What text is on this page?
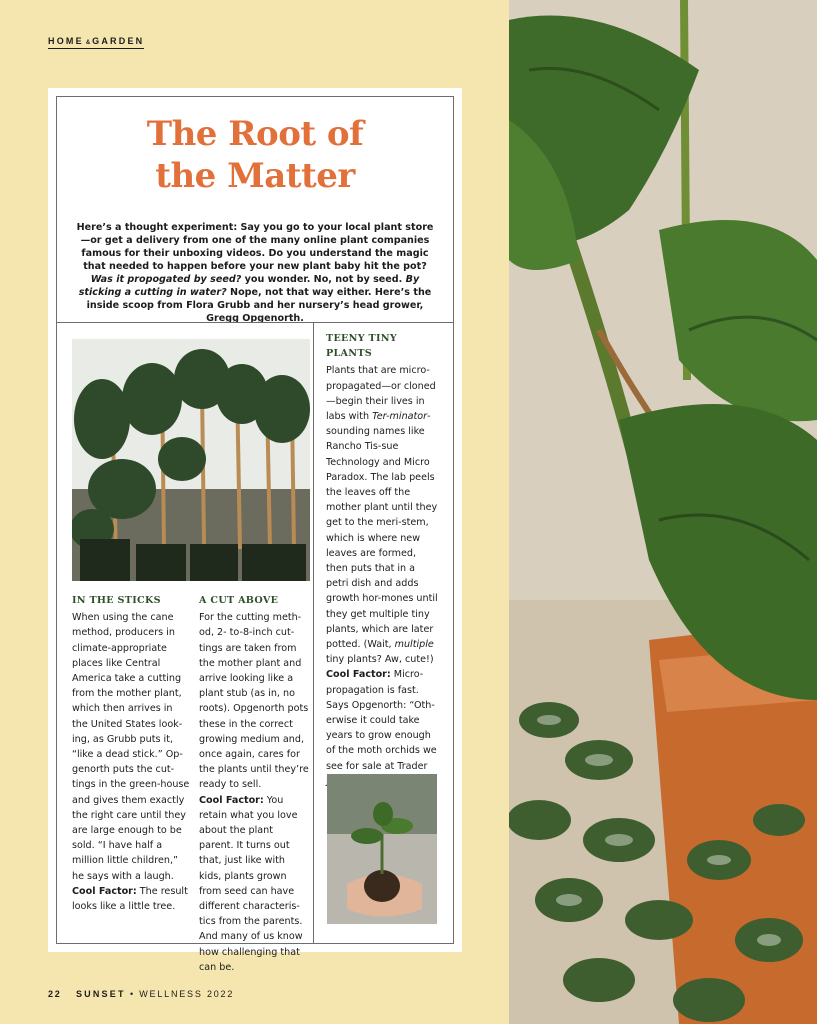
HOME & GARDEN
The Root of
the Matter

Here’s a thought experiment: Say you go to your local plant store—or get a delivery from one of the many online plant companies famous for their unboxing videos. Do you understand the magic that needed to happen before your new plant baby hit the pot? Was it propogated by seed? you wonder. No, not by seed. By sticking a cutting in water? Nope, not that way either. Here’s the inside scoop from Flora Grubb and her nursery’s head grower, Gregg Opgenorth.

IN THE STICKS

When using the cane method, producers in climate-appropriate places like Central America take a cutting from the mother plant, which then arrives in the United States look-ing, as Grubb puts it, “like a dead stick.” Op-genorth puts the cut-tings in the green-house and gives them exactly the right care until they are large enough to be sold. “I have half a million little children,” he says with a laugh.
Cool Factor: The result looks like a little tree.

A CUT ABOVE

For the cutting meth-od, 2- to-8-inch cut-tings are taken from the mother plant and arrive looking like a plant stub (as in, no roots). Opgenorth pots these in the correct growing medium and, once again, cares for the plants until they’re ready to sell.
Cool Factor: You retain what you love about the plant parent. It turns out that, just like with kids, plants grown from seed can have different characteris-tics from the parents. And many of us know how challenging that can be.

TEENY TINY PLANTS

Plants that are micro-propagated—or cloned—begin their lives in labs with Ter-minator-sounding names like Rancho Tis-sue Technology and Micro Paradox. The lab peels the leaves off the mother plant until they get to the meri-stem, which is where new leaves are formed, then puts that in a petri dish and adds growth hor-mones until they get multiple tiny plants, which are later potted. (Wait, multiple tiny plants? Aw, cute!)
Cool Factor: Micro-propagation is fast. Says Opgenorth: “Oth-erwise it could take years to grow enough of the moth orchids we see for sale at Trader

22 SUNSET • WELLNESS 2022
